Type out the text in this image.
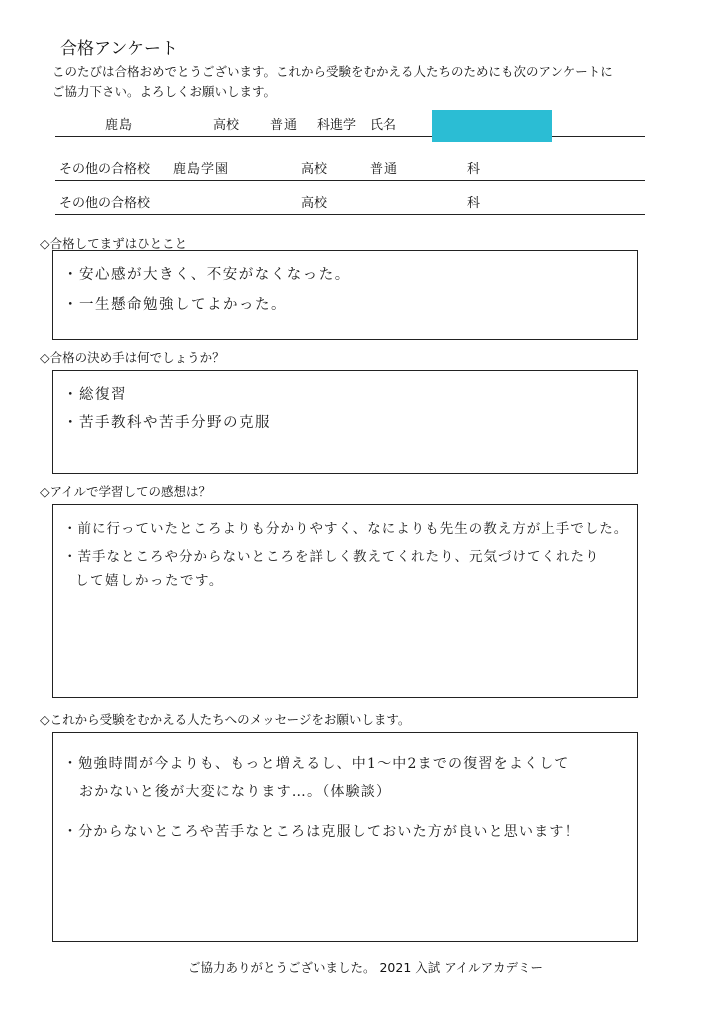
合格アンケート
このたびは合格おめでとうございます。これから受験をむかえる人たちのためにも次のアンケートに
ご協力下さい。よろしくお願いします。
鹿島	高校 普通 科進学 氏名
その他の合格校 鹿島学園	高校	普通	科
その他の合格校	高校	科
◇合格してまずはひとこと
・安心感が大きく、不安がなくなった。
・一生懸命勉強してよかった。
◇合格の決め手は何でしょうか？
・総復習
・苦手教科や苦手分野の克服
◇アイルで学習しての感想は？
・前に行っていたところよりも分かりやすく、なによりも先生の教え方が上手でした。
・苦手なところや分からないところを詳しく教えてくれたり、元気づけてくれたり
して嬉しかったです。
◇これから受験をむかえる人たちへのメッセージをお願いします。
・勉強時間が今よりも、もっと増えるし、中1〜中2までの復習をよくして
おかないと後が大変になります…。（体験談）
・分からないところや苦手なところは克服しておいた方が良いと思います！
ご協力ありがとうございました。 2021 入試 アイルアカデミー
